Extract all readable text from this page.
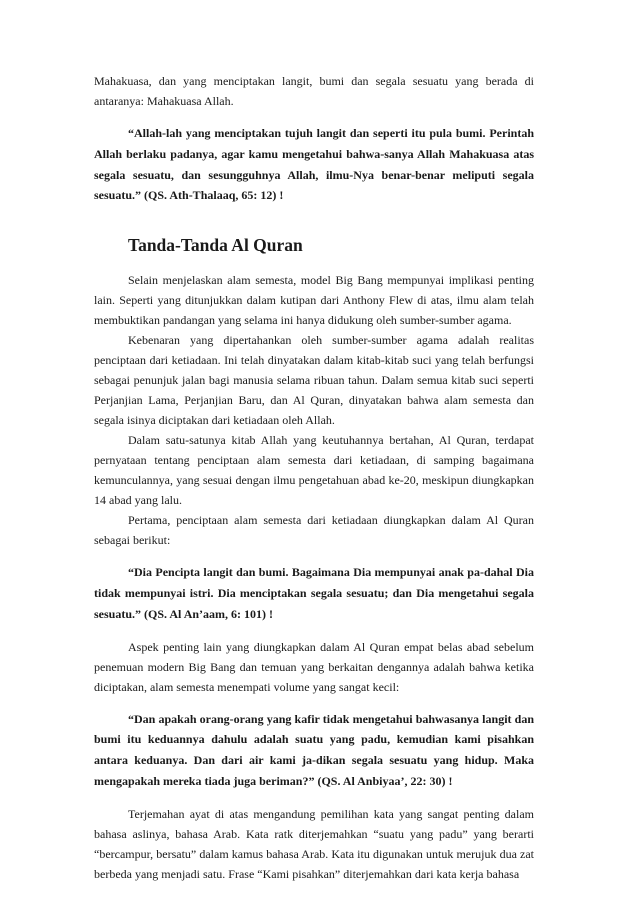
Mahakuasa, dan yang menciptakan langit, bumi dan segala sesuatu yang berada di antaranya: Mahakuasa Allah.

“Allah-lah yang menciptakan tujuh langit dan seperti itu pula bumi. Perintah Allah berlaku padanya, agar kamu mengetahui bahwa-sanya Allah Mahakuasa atas segala sesuatu, dan sesungguhnya Allah, ilmu-Nya benar-benar meliputi segala sesuatu.” (QS. Ath-Thalaaq, 65: 12) !

Tanda-Tanda Al Quran

Selain menjelaskan alam semesta, model Big Bang mempunyai implikasi penting lain. Seperti yang ditunjukkan dalam kutipan dari Anthony Flew di atas, ilmu alam telah membuktikan pandangan yang selama ini hanya didukung oleh sumber-sumber agama.

Kebenaran yang dipertahankan oleh sumber-sumber agama adalah realitas penciptaan dari ketiadaan. Ini telah dinyatakan dalam kitab-kitab suci yang telah berfungsi sebagai penunjuk jalan bagi manusia selama ribuan tahun. Dalam semua kitab suci seperti Perjanjian Lama, Perjanjian Baru, dan Al Quran, dinyatakan bahwa alam semesta dan segala isinya diciptakan dari ketiadaan oleh Allah.

Dalam satu-satunya kitab Allah yang keutuhannya bertahan, Al Quran, terdapat pernyataan tentang penciptaan alam semesta dari ketiadaan, di samping bagaimana kemunculannya, yang sesuai dengan ilmu pengetahuan abad ke-20, meskipun diungkapkan 14 abad yang lalu.

Pertama, penciptaan alam semesta dari ketiadaan diungkapkan dalam Al Quran sebagai berikut:

“Dia Pencipta langit dan bumi. Bagaimana Dia mempunyai anak pa-dahal Dia tidak mempunyai istri. Dia menciptakan segala sesuatu; dan Dia mengetahui segala sesuatu.” (QS. Al An’aam, 6: 101) !

Aspek penting lain yang diungkapkan dalam Al Quran empat belas abad sebelum penemuan modern Big Bang dan temuan yang berkaitan dengannya adalah bahwa ketika diciptakan, alam semesta menempati volume yang sangat kecil:

“Dan apakah orang-orang yang kafir tidak mengetahui bahwasanya langit dan bumi itu keduannya dahulu adalah suatu yang padu, kemudian kami pisahkan antara keduanya. Dan dari air kami ja-dikan segala sesuatu yang hidup. Maka mengapakah mereka tiada juga beriman?” (QS. Al Anbiyaa’, 22: 30) !

Terjemahan ayat di atas mengandung pemilihan kata yang sangat penting dalam bahasa aslinya, bahasa Arab. Kata ratk diterjemahkan “suatu yang padu” yang berarti “bercampur, bersatu” dalam kamus bahasa Arab. Kata itu digunakan untuk merujuk dua zat berbeda yang menjadi satu. Frase “Kami pisahkan” diterjemahkan dari kata kerja bahasa
